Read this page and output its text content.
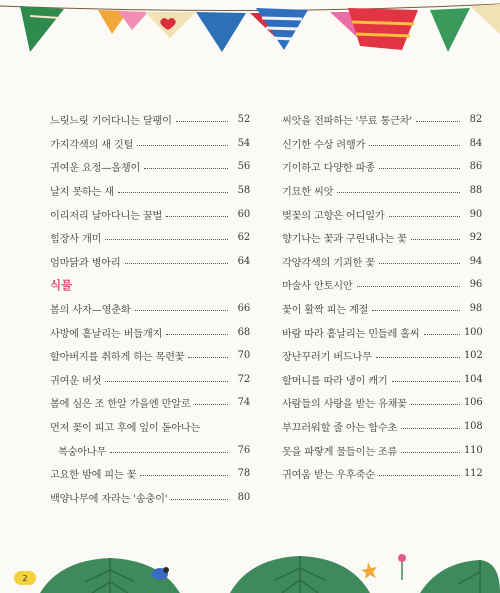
느릿느릿 기어다니는 달팽이	52
가지각색의 새 깃털	54
귀여운 요정—올챙이	56
날지 못하는 새	58
이리저리 날아다니는 꿀벌	60
힘장사 개미	62
엄마닭과 병아리	64
식물
봄의 사자—영춘화	66
사방에 흩날리는 버들개지	68
할아버지를 취하게 하는 목련꽃	70
귀여운 버섯	72
봄에 심은 조 한알 가을엔 만알로	74
먼저 꽃이 피고 후에 잎이 돋아나는
복숭아나무	76
고요한 밤에 피는 꽃	78
백양나무에 자라는 '송충이'	80
씨앗을 전파하는 '무료 통근차'	82
신기한 수상 려행가	84
기이하고 다양한 파종	86
기묘한 씨앗	88
벚꽃의 고향은 어디일가	90
향기나는 꽃과 구린내나는 꽃	92
각양각색의 기괴한 꽃	94
마술사 안토시안	96
꽃이 활짝 피는 계절	98
바람 따라 흩날리는 민들레 홀씨	100
장난꾸러기 버드나무	102
할머니를 따라 냉이 캐기	104
사람들의 사랑을 받는 유채꽃	106
부끄러워할 줄 아는 함수초	108
못을 파랗게 물들이는 조류	110
귀여움 받는 우후죽순	112
2
